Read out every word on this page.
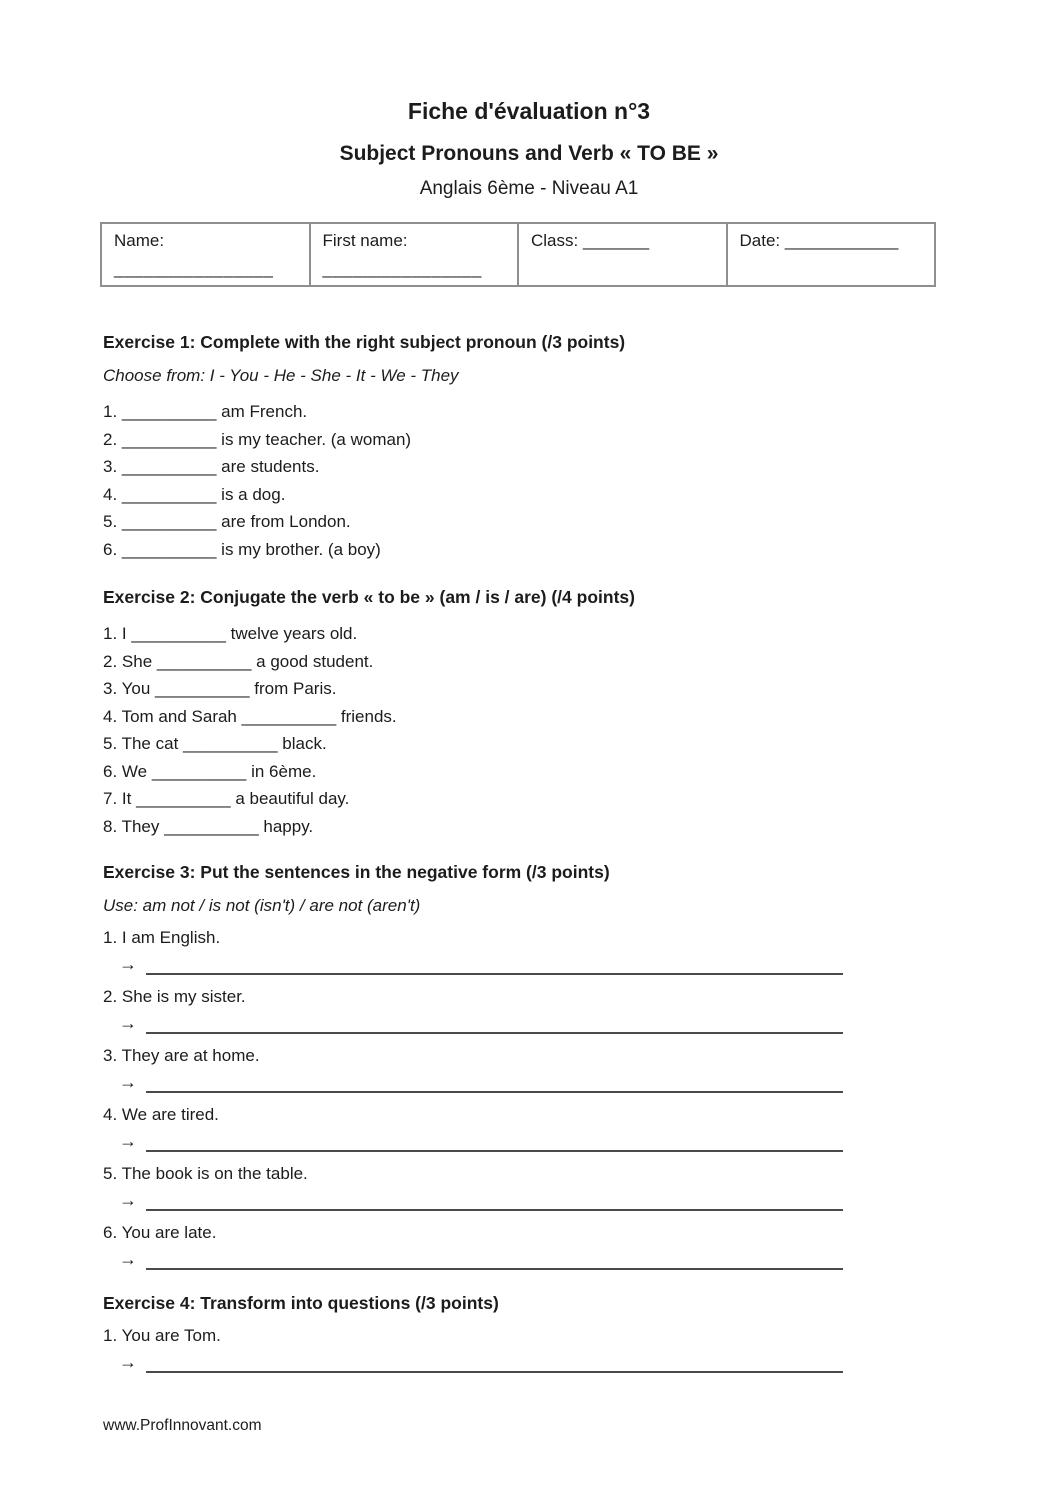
Fiche d'évaluation n°3
Subject Pronouns and Verb « TO BE »
Anglais 6ème - Niveau A1
Name:
________________

First name:
________________

Class: _______	Date: ____________
Exercise 1: Complete with the right subject pronoun (/3 points)
Choose from: I - You - He - She - It - We - They
1. __________ am French.
2. __________ is my teacher. (a woman)
3. __________ are students.
4. __________ is a dog.
5. __________ are from London.
6. __________ is my brother. (a boy)
Exercise 2: Conjugate the verb « to be » (am / is / are) (/4 points)
1. I __________ twelve years old.
2. She __________ a good student.
3. You __________ from Paris.
4. Tom and Sarah __________ friends.
5. The cat __________ black.
6. We __________ in 6ème.
7. It __________ a beautiful day.
8. They __________ happy.
Exercise 3: Put the sentences in the negative form (/3 points)
Use: am not / is not (isn't) / are not (aren't)
1. I am English.
→
2. She is my sister.
→
3. They are at home.
→
4. We are tired.
→
5. The book is on the table.
→
6. You are late.
→
Exercise 4: Transform into questions (/3 points)
1. You are Tom.
→
www.ProfInnovant.com
